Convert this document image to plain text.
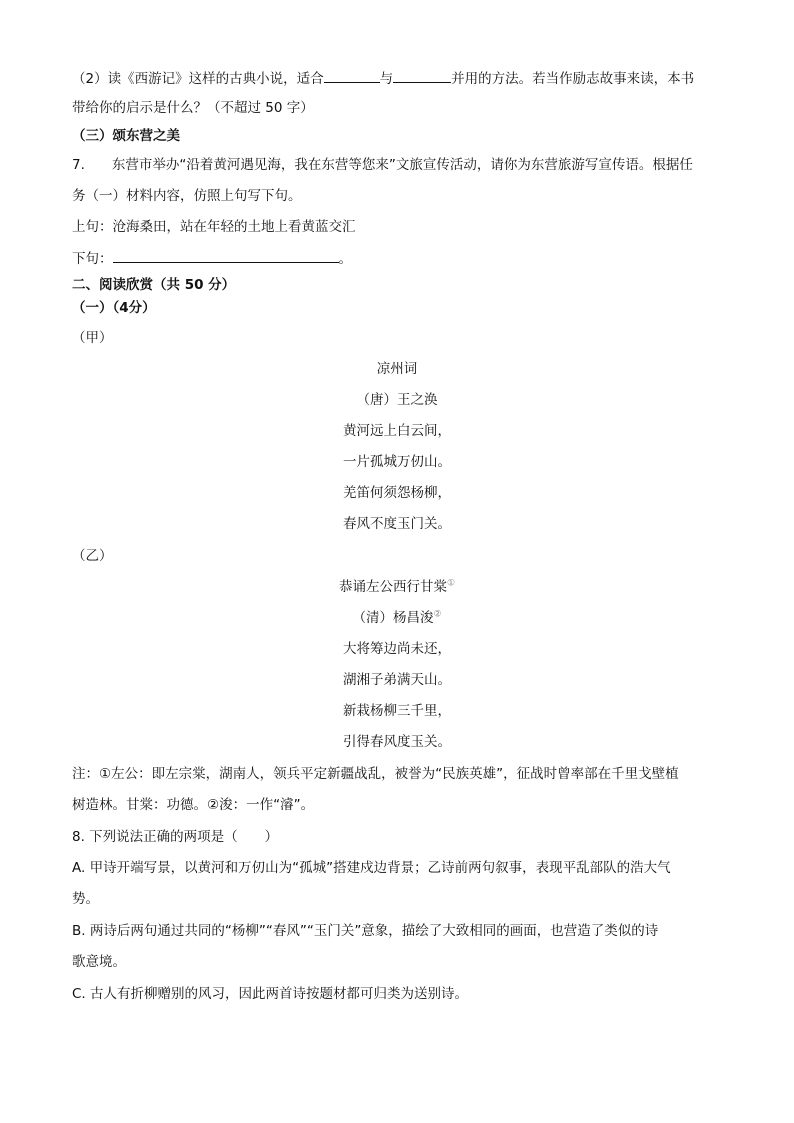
（2）读《西游记》这样的古典小说，适合	与	并用的方法。若当作励志故事来读，本书
带给你的启示是什么？（不超过 50 字）
（三）颂东营之美
7.　　东营市举办“沿着黄河遇见海，我在东营等您来”文旅宣传活动，请你为东营旅游写宣传语。根据任
务（一）材料内容，仿照上句写下句。
上句：沧海桑田，站在年轻的土地上看黄蓝交汇
下句：	。
二、阅读欣赏（共 50 分）
（一）（4分）
（甲）
凉州词
（唐）王之涣
黄河远上白云间，
一片孤城万仞山。
羌笛何须怨杨柳，
春风不度玉门关。
（乙）
恭诵左公西行甘棠①
（清）杨昌浚②
大将筹边尚未还，
湖湘子弟满天山。
新栽杨柳三千里，
引得春风度玉关。
注：①左公：即左宗棠，湖南人，领兵平定新疆战乱，被誉为“民族英雄”，征战时曾率部在千里戈壁植
树造林。甘棠：功德。②浚：一作“濬”。
8. 下列说法正确的两项是（　　）
A. 甲诗开端写景，以黄河和万仞山为“孤城”搭建戍边背景；乙诗前两句叙事，表现平乱部队的浩大气
势。
B. 两诗后两句通过共同的“杨柳”“春风”“玉门关”意象，描绘了大致相同的画面，也营造了类似的诗
歌意境。
C. 古人有折柳赠别的风习，因此两首诗按题材都可归类为送别诗。
